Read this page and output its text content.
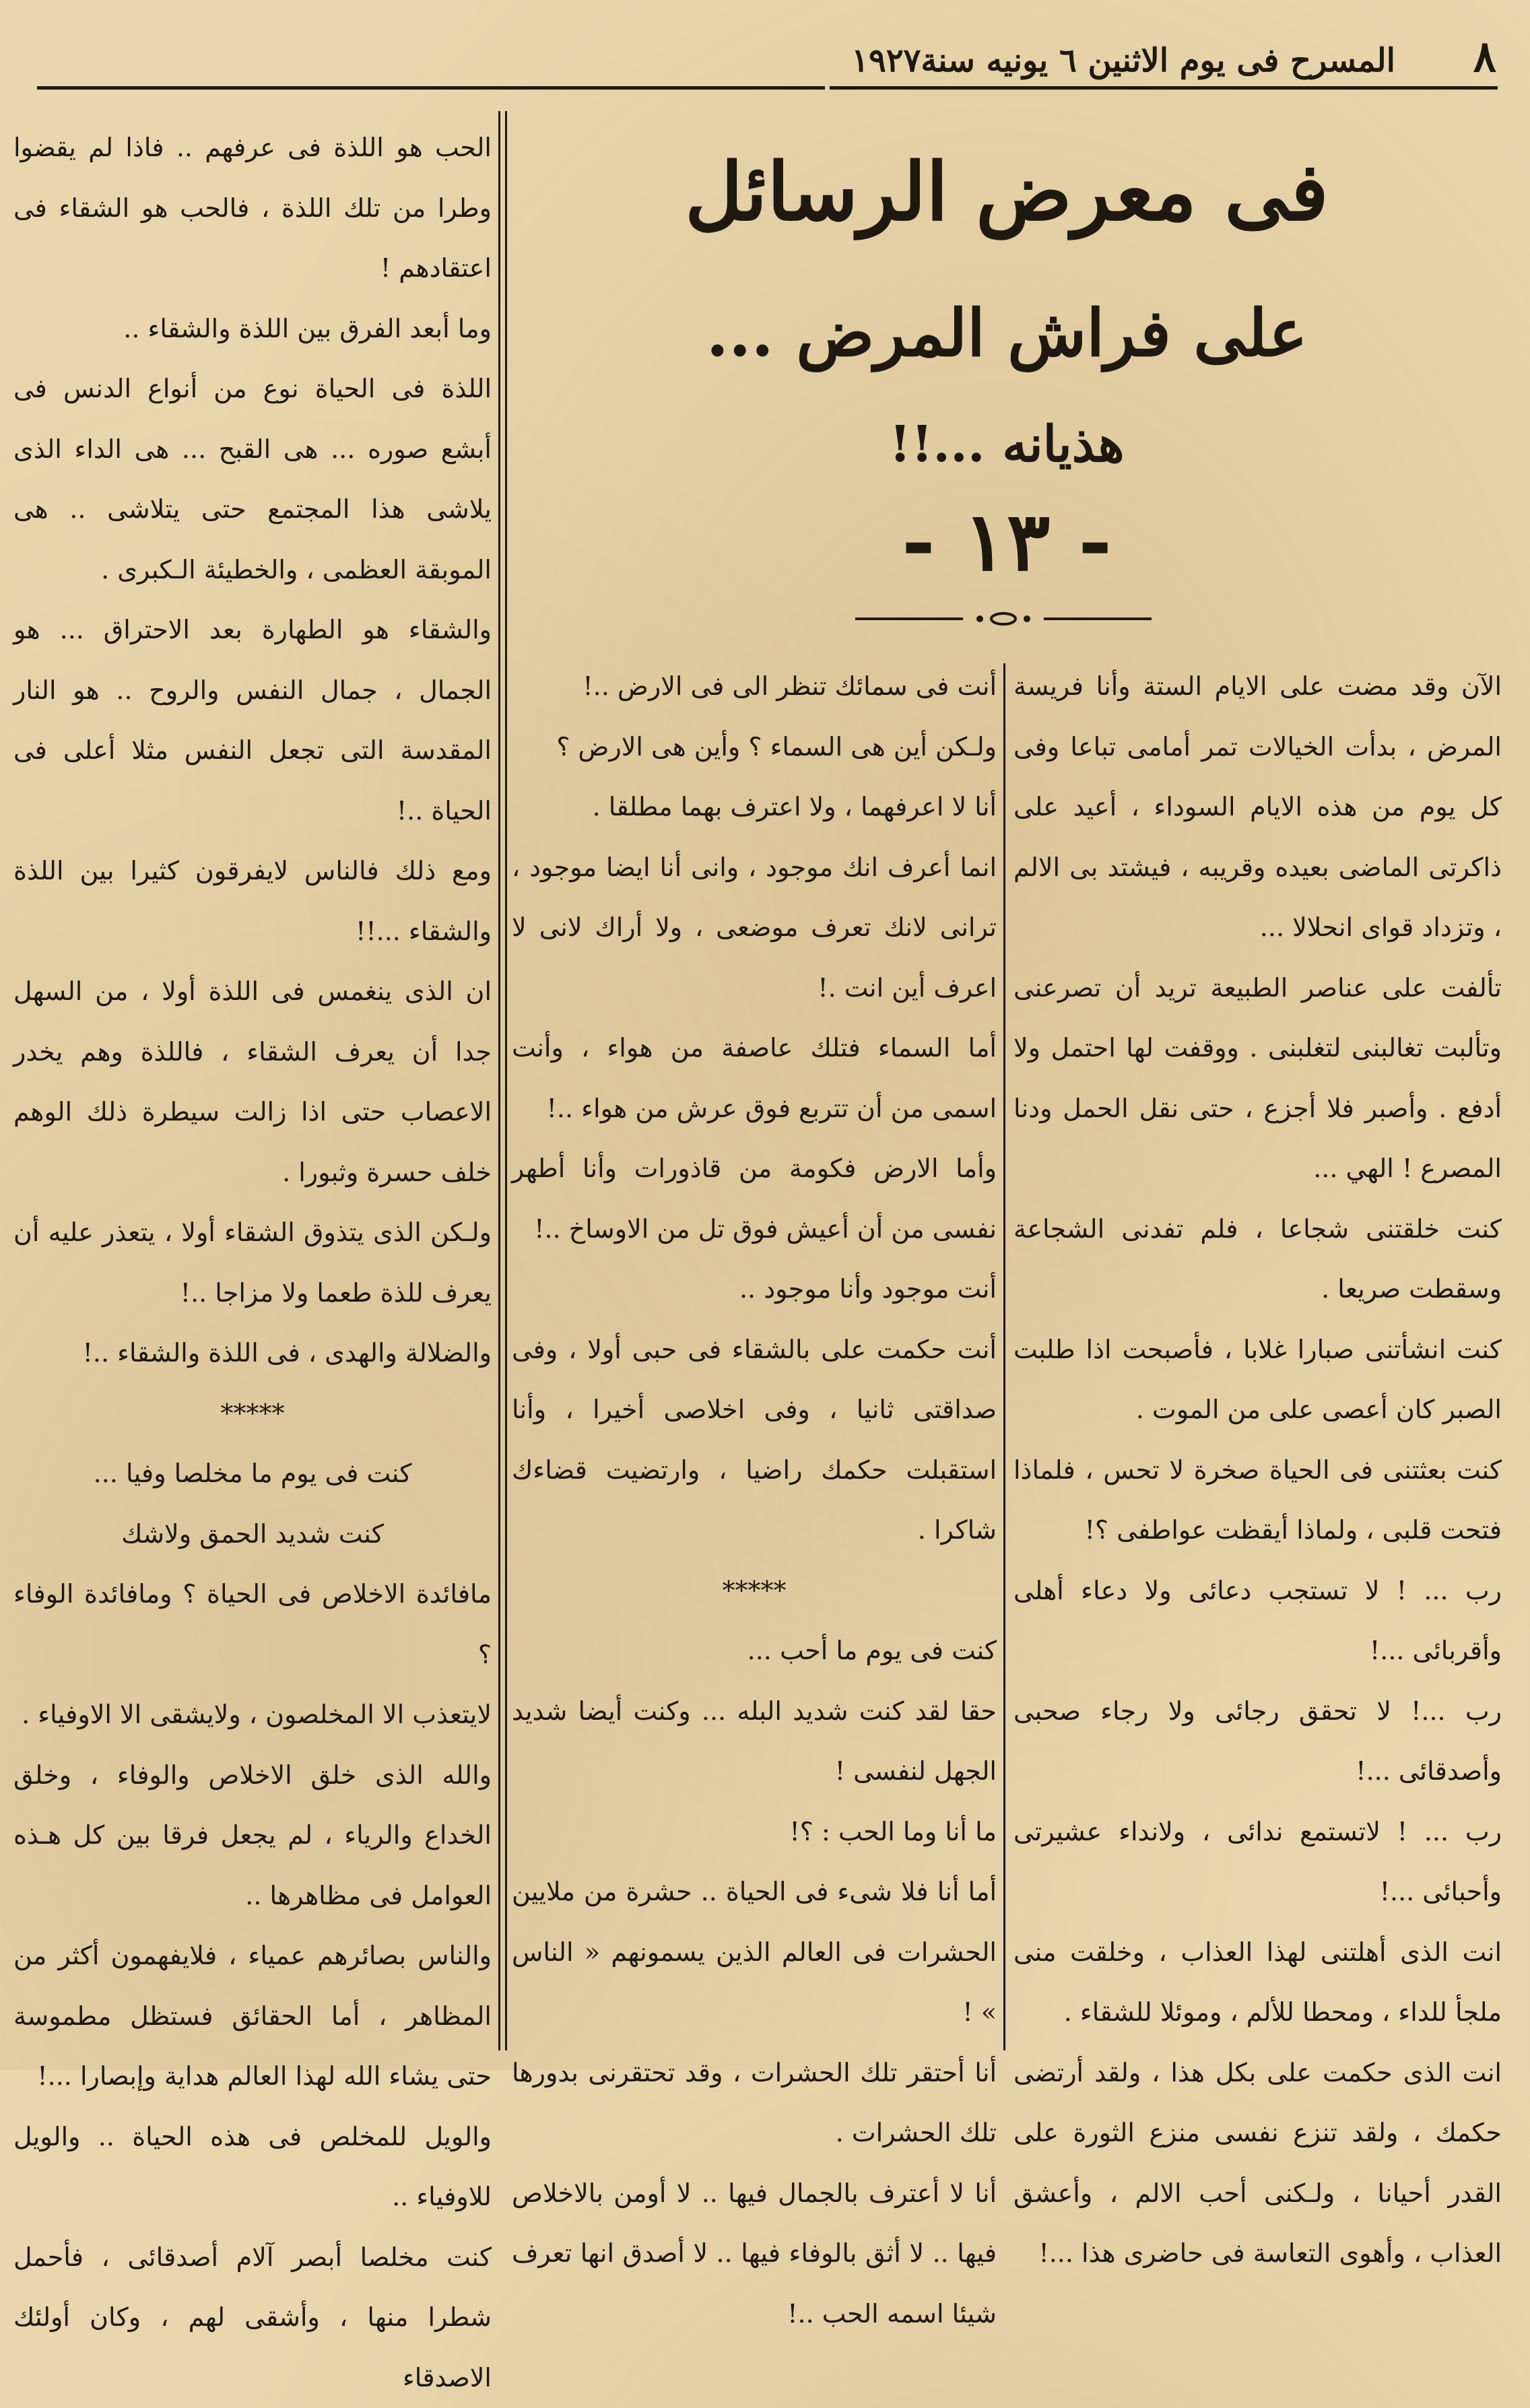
٨
المسرح فى يوم الاثنين ٦ يونيه سنة١٩٢٧
فى معرض الرسائل
على فراش المرض ...
هذيانه ...!!
- ١٣ -

الآن وقد مضت على الايام الستة وأنا فريسة المرض ، بدأت الخيالات تمر أمامى تباعا وفى كل يوم من هذه الايام السوداء ، أعيد على ذاكرتى الماضى بعيده وقريبه ، فيشتد بى الالم ، وتزداد قواى انحلالا ...

تألفت على عناصر الطبيعة تريد أن تصرعنى وتألبت تغالبنى لتغلبنى . ووقفت لها احتمل ولا أدفع . وأصبر فلا أجزع ، حتى نقل الحمل ودنا المصرع ! الهي ...

كنت خلقتنى شجاعا ، فلم تفدنى الشجاعة وسقطت صريعا .

كنت انشأتنى صبارا غلابا ، فأصبحت اذا طلبت الصبر كان أعصى على من الموت .

كنت بعثتنى فى الحياة صخرة لا تحس ، فلماذا فتحت قلبى ، ولماذا أيقظت عواطفى ؟!

رب ... ! لا تستجب دعائى ولا دعاء أهلى وأقربائى ...!

رب ...! لا تحقق رجائى ولا رجاء صحبى وأصدقائى ...!

رب ... ! لاتستمع ندائى ، ولانداء عشيرتى وأحبائى ...!

انت الذى أهلتنى لهذا العذاب ، وخلقت منى ملجأ للداء ، ومحطا للألم ، وموئلا للشقاء .

انت الذى حكمت على بكل هذا ، ولقد أرتضى حكمك ، ولقد تنزع نفسى منزع الثورة على القدر أحيانا ، ولـكنى أحب الالم ، وأعشق العذاب ، وأهوى التعاسة فى حاضرى هذا ...!

أنت فى سمائك تنظر الى فى الارض ..!

ولـكن أين هى السماء ؟ وأين هى الارض ؟

أنا لا اعرفهما ، ولا اعترف بهما مطلقا .

انما أعرف انك موجود ، وانى أنا ايضا موجود ، ترانى لانك تعرف موضعى ، ولا أراك لانى لا اعرف أين انت .!

أما السماء فتلك عاصفة من هواء ، وأنت اسمى من أن تتربع فوق عرش من هواء ..!

وأما الارض فكومة من قاذورات وأنا أطهر نفسى من أن أعيش فوق تل من الاوساخ ..!

أنت موجود وأنا موجود ..

أنت حكمت على بالشقاء فى حبى أولا ، وفى صداقتى ثانيا ، وفى اخلاصى أخيرا ، وأنا استقبلت حكمك راضيا ، وارتضيت قضاءك شاكرا .

*****

كنت فى يوم ما أحب ...

حقا لقد كنت شديد البله ... وكنت أيضا شديد الجهل لنفسى !

ما أنا وما الحب : ؟!

أما أنا فلا شىء فى الحياة .. حشرة من ملايين الحشرات فى العالم الذين يسمونهم « الناس » !

أنا أحتقر تلك الحشرات ، وقد تحتقرنى بدورها تلك الحشرات .

أنا لا أعترف بالجمال فيها .. لا أومن بالاخلاص فيها .. لا أثق بالوفاء فيها .. لا أصدق انها تعرف شيئا اسمه الحب ..!

الحب هو اللذة فى عرفهم .. فاذا لم يقضوا وطرا من تلك اللذة ، فالحب هو الشقاء فى اعتقادهم !

وما أبعد الفرق بين اللذة والشقاء ..

اللذة فى الحياة نوع من أنواع الدنس فى أبشع صوره ... هى القبح ... هى الداء الذى يلاشى هذا المجتمع حتى يتلاشى .. هى الموبقة العظمى ، والخطيئة الـكبرى .

والشقاء هو الطهارة بعد الاحتراق ... هو الجمال ، جمال النفس والروح .. هو النار المقدسة التى تجعل النفس مثلا أعلى فى الحياة ..!

ومع ذلك فالناس لايفرقون كثيرا بين اللذة والشقاء ...!!

ان الذى ينغمس فى اللذة أولا ، من السهل جدا أن يعرف الشقاء ، فاللذة وهم يخدر الاعصاب حتى اذا زالت سيطرة ذلك الوهم خلف حسرة وثبورا .

ولـكن الذى يتذوق الشقاء أولا ، يتعذر عليه أن يعرف للذة طعما ولا مزاجا ..!

والضلالة والهدى ، فى اللذة والشقاء ..!

*****

كنت فى يوم ما مخلصا وفيا ...

كنت شديد الحمق ولاشك

مافائدة الاخلاص فى الحياة ؟ ومافائدة الوفاء ؟

لايتعذب الا المخلصون ، ولايشقى الا الاوفياء .

والله الذى خلق الاخلاص والوفاء ، وخلق الخداع والرياء ، لم يجعل فرقا بين كل هـذه العوامل فى مظاهرها ..

والناس بصائرهم عمياء ، فلايفهمون أكثر من المظاهر ، أما الحقائق فستظل مطموسة حتى يشاء الله لهذا العالم هداية وإبصارا ...!

والويل للمخلص فى هذه الحياة .. والويل للاوفياء ..

كنت مخلصا أبصر آلام أصدقائى ، فأحمل شطرا منها ، وأشقى لهم ، وكان أولئك الاصدقاء
